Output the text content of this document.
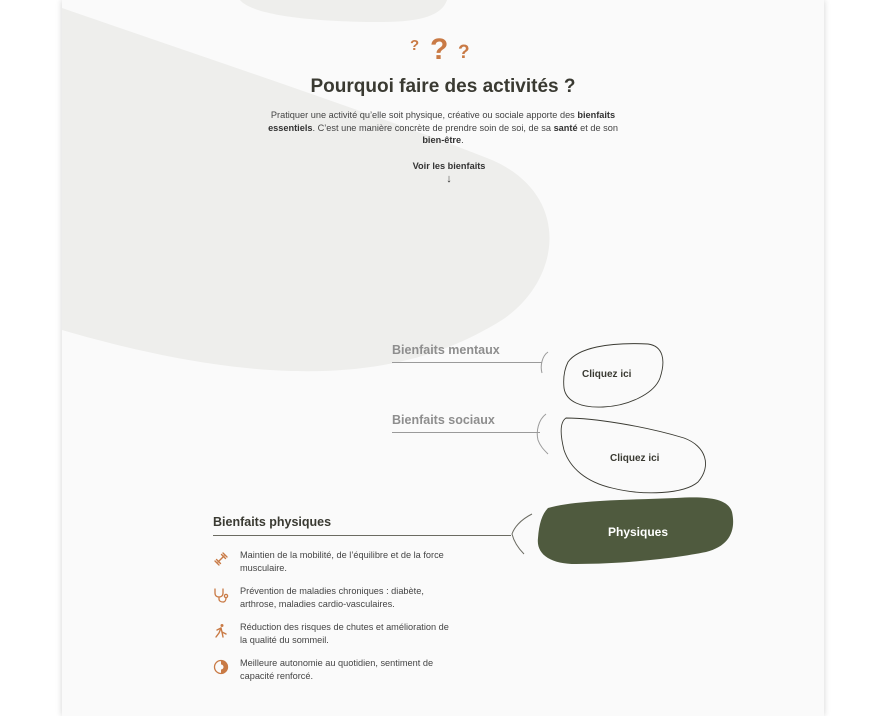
? ? ?
Pourquoi faire des activités ?
Pratiquer une activité qu’elle soit physique, créative ou sociale apporte des bienfaits essentiels. C’est une manière concrète de prendre soin de soi, de sa santé et de son bien-être.
Voir les bienfaits
↓
Bienfaits mentaux
Cliquez ici
Bienfaits sociaux
Cliquez ici
Bienfaits physiques
Physiques
Maintien de la mobilité, de l’équilibre et de la force musculaire.
Prévention de maladies chroniques : diabète, arthrose, maladies cardio-vasculaires.
Réduction des risques de chutes et amélioration de la qualité du sommeil.
Meilleure autonomie au quotidien, sentiment de capacité renforcé.
